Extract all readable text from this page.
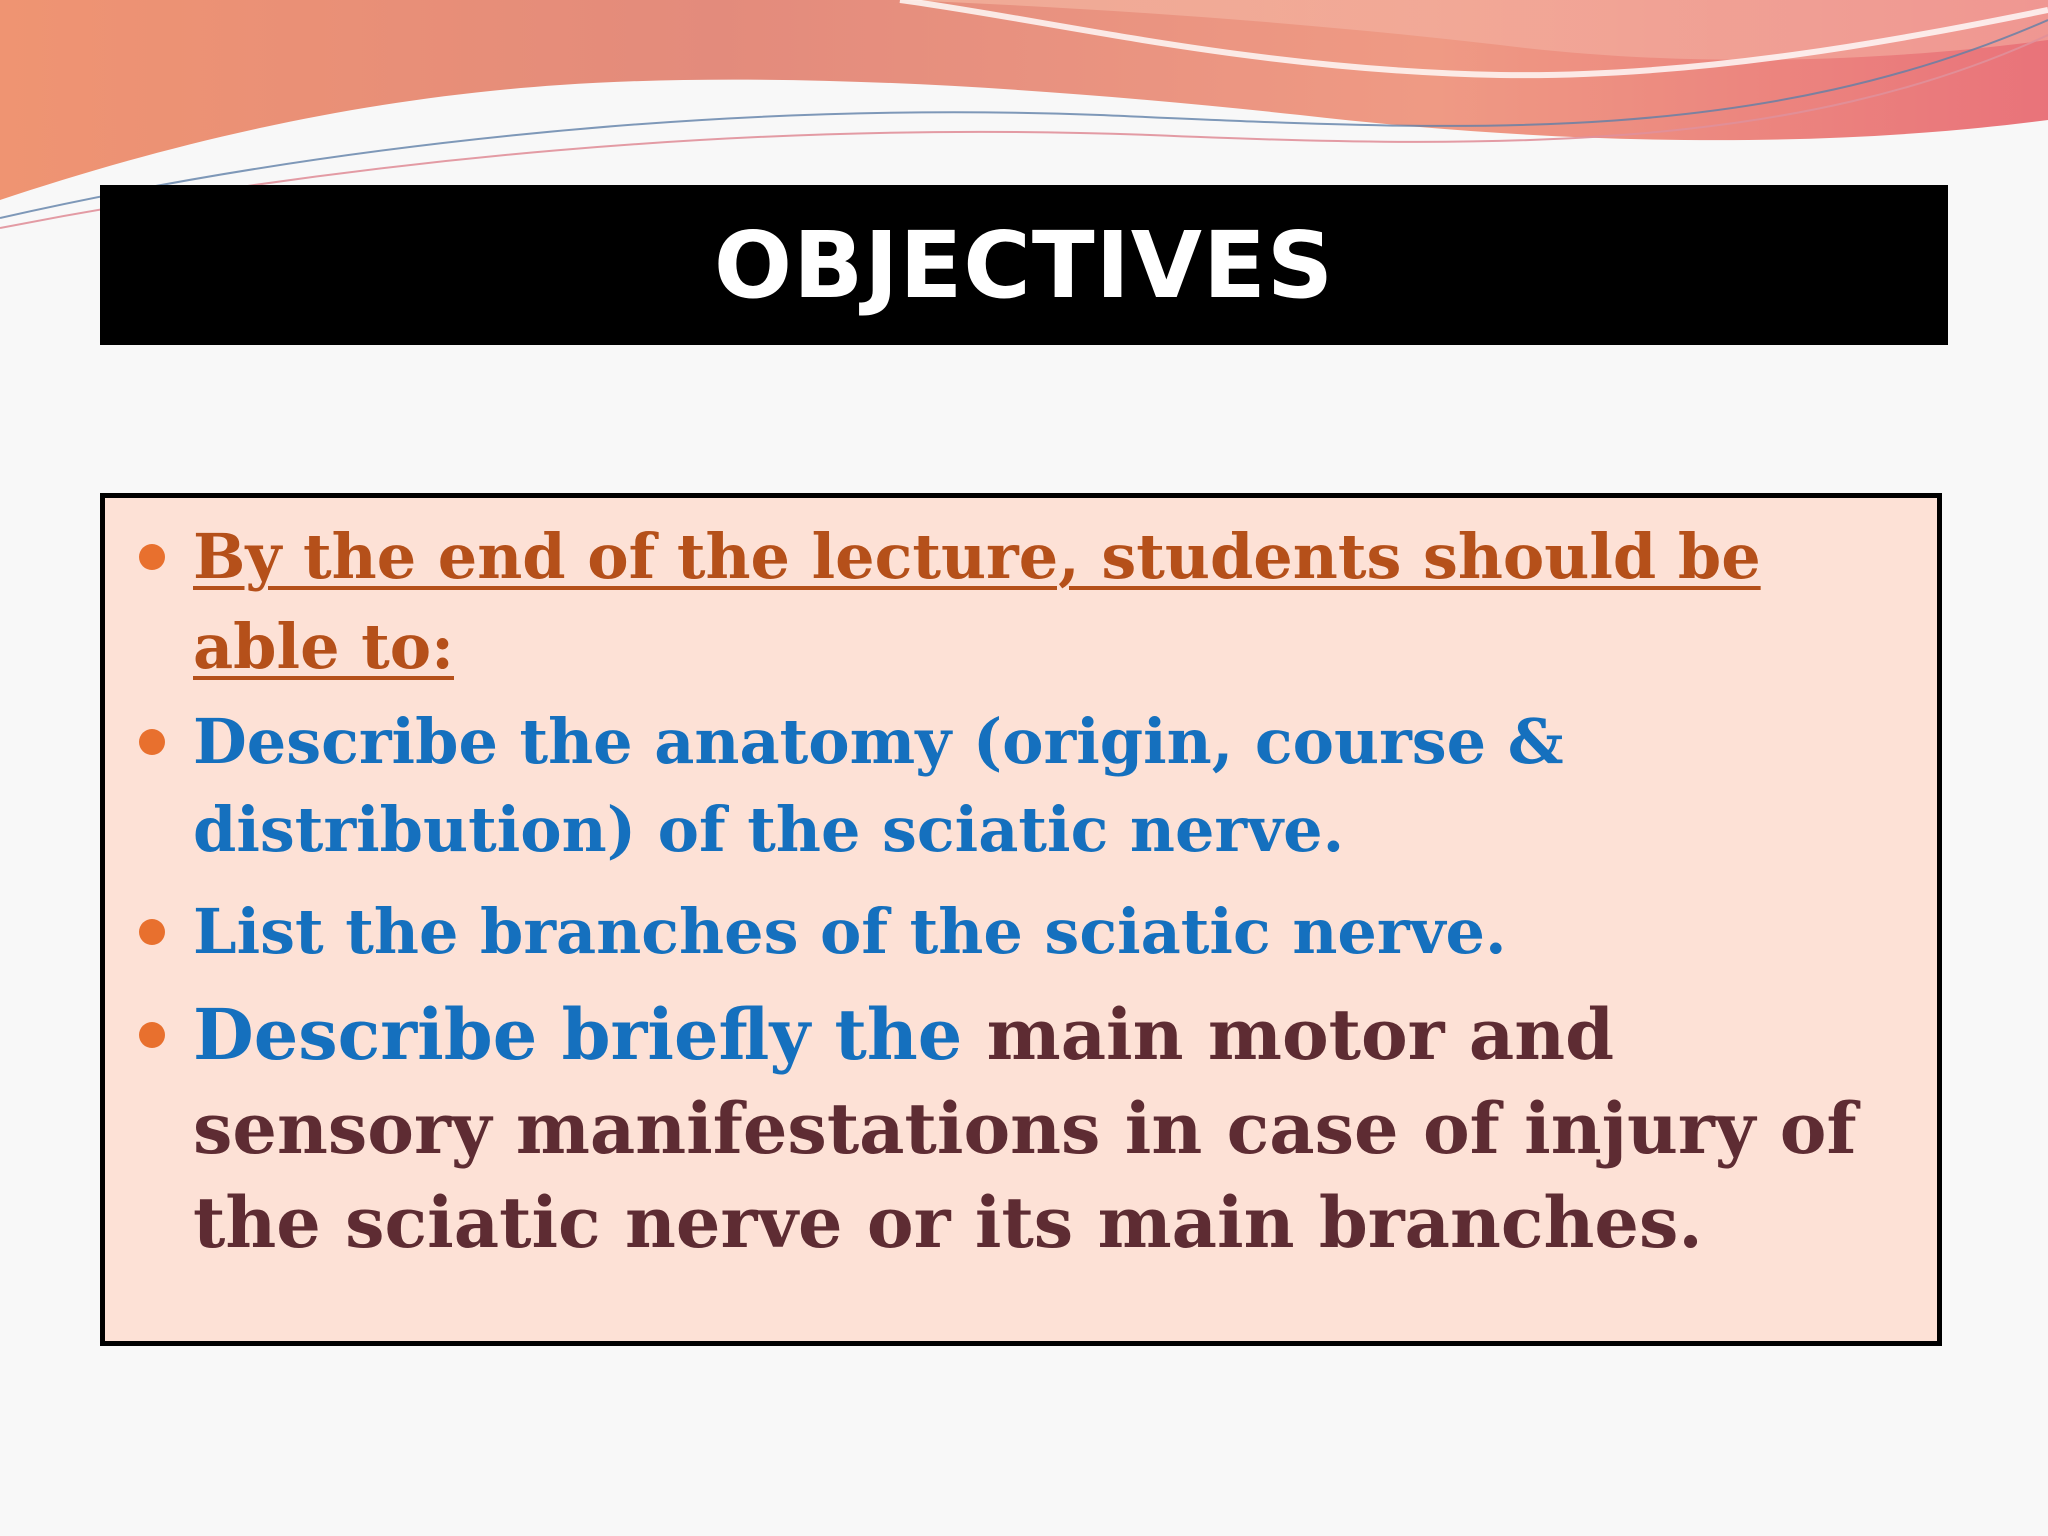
OBJECTIVES
By the end of the lecture, students should be able to:
Describe the anatomy (origin, course & distribution) of the sciatic nerve.
List the branches of the sciatic nerve.
Describe briefly the main motor and sensory manifestations in case of injury of the sciatic nerve or its main branches.
